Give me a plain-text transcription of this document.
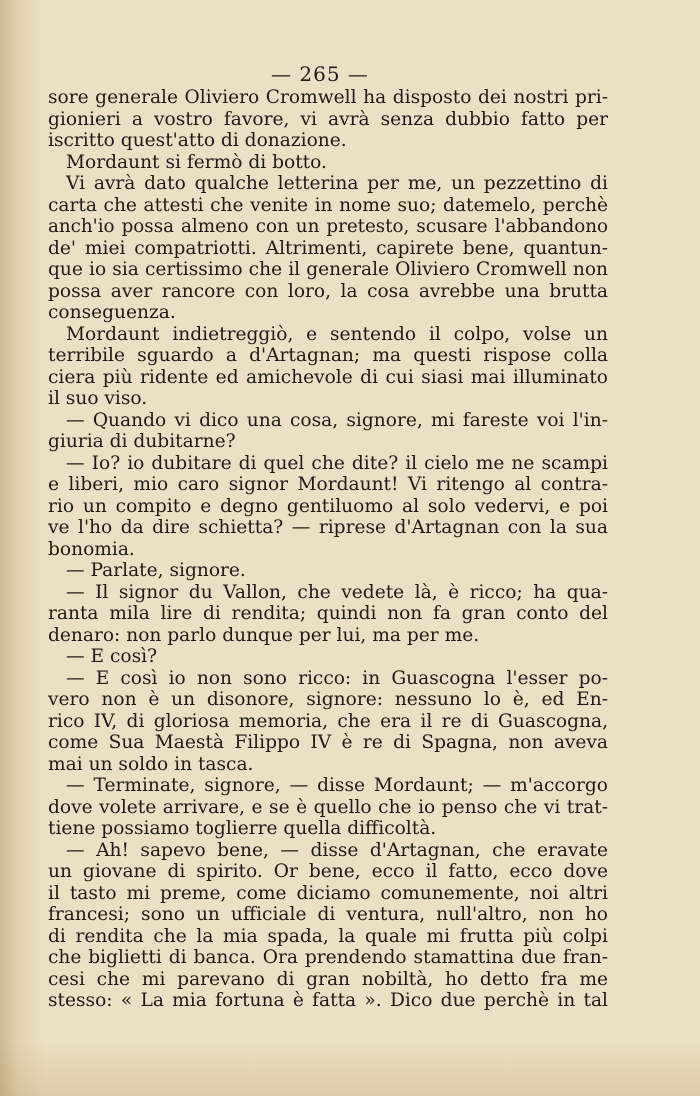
— 265 —
sore generale Oliviero Cromwell ha disposto dei nostri pri-
gionieri a vostro favore, vi avrà senza dubbio fatto per
iscritto quest'atto di donazione.
Mordaunt si fermò di botto.
Vi avrà dato qualche letterina per me, un pezzettino di
carta che attesti che venite in nome suo; datemelo, perchè
anch'io possa almeno con un pretesto, scusare l'abbandono
de' miei compatriotti. Altrimenti, capirete bene, quantun-
que io sia certissimo che il generale Oliviero Cromwell non
possa aver rancore con loro, la cosa avrebbe una brutta
conseguenza.
Mordaunt indietreggiò, e sentendo il colpo, volse un
terribile sguardo a d'Artagnan; ma questi rispose colla
ciera più ridente ed amichevole di cui siasi mai illuminato
il suo viso.
— Quando vi dico una cosa, signore, mi fareste voi l'in-
giuria di dubitarne?
— Io? io dubitare di quel che dite? il cielo me ne scampi
e liberi, mio caro signor Mordaunt! Vi ritengo al contra-
rio un compito e degno gentiluomo al solo vedervi, e poi
ve l'ho da dire schietta? — riprese d'Artagnan con la sua
bonomia.
— Parlate, signore.
— Il signor du Vallon, che vedete là, è ricco; ha qua-
ranta mila lire di rendita; quindi non fa gran conto del
denaro: non parlo dunque per lui, ma per me.
— E così?
— E così io non sono ricco: in Guascogna l'esser po-
vero non è un disonore, signore: nessuno lo è, ed En-
rico IV, di gloriosa memoria, che era il re di Guascogna,
come Sua Maestà Filippo IV è re di Spagna, non aveva
mai un soldo in tasca.
— Terminate, signore, — disse Mordaunt; — m'accorgo
dove volete arrivare, e se è quello che io penso che vi trat-
tiene possiamo toglierre quella difficoltà.
— Ah! sapevo bene, — disse d'Artagnan, che eravate
un giovane di spirito. Or bene, ecco il fatto, ecco dove
il tasto mi preme, come diciamo comunemente, noi altri
francesi; sono un ufficiale di ventura, null'altro, non ho
di rendita che la mia spada, la quale mi frutta più colpi
che biglietti di banca. Ora prendendo stamattina due fran-
cesi che mi parevano di gran nobiltà, ho detto fra me
stesso: « La mia fortuna è fatta ». Dico due perchè in tal
